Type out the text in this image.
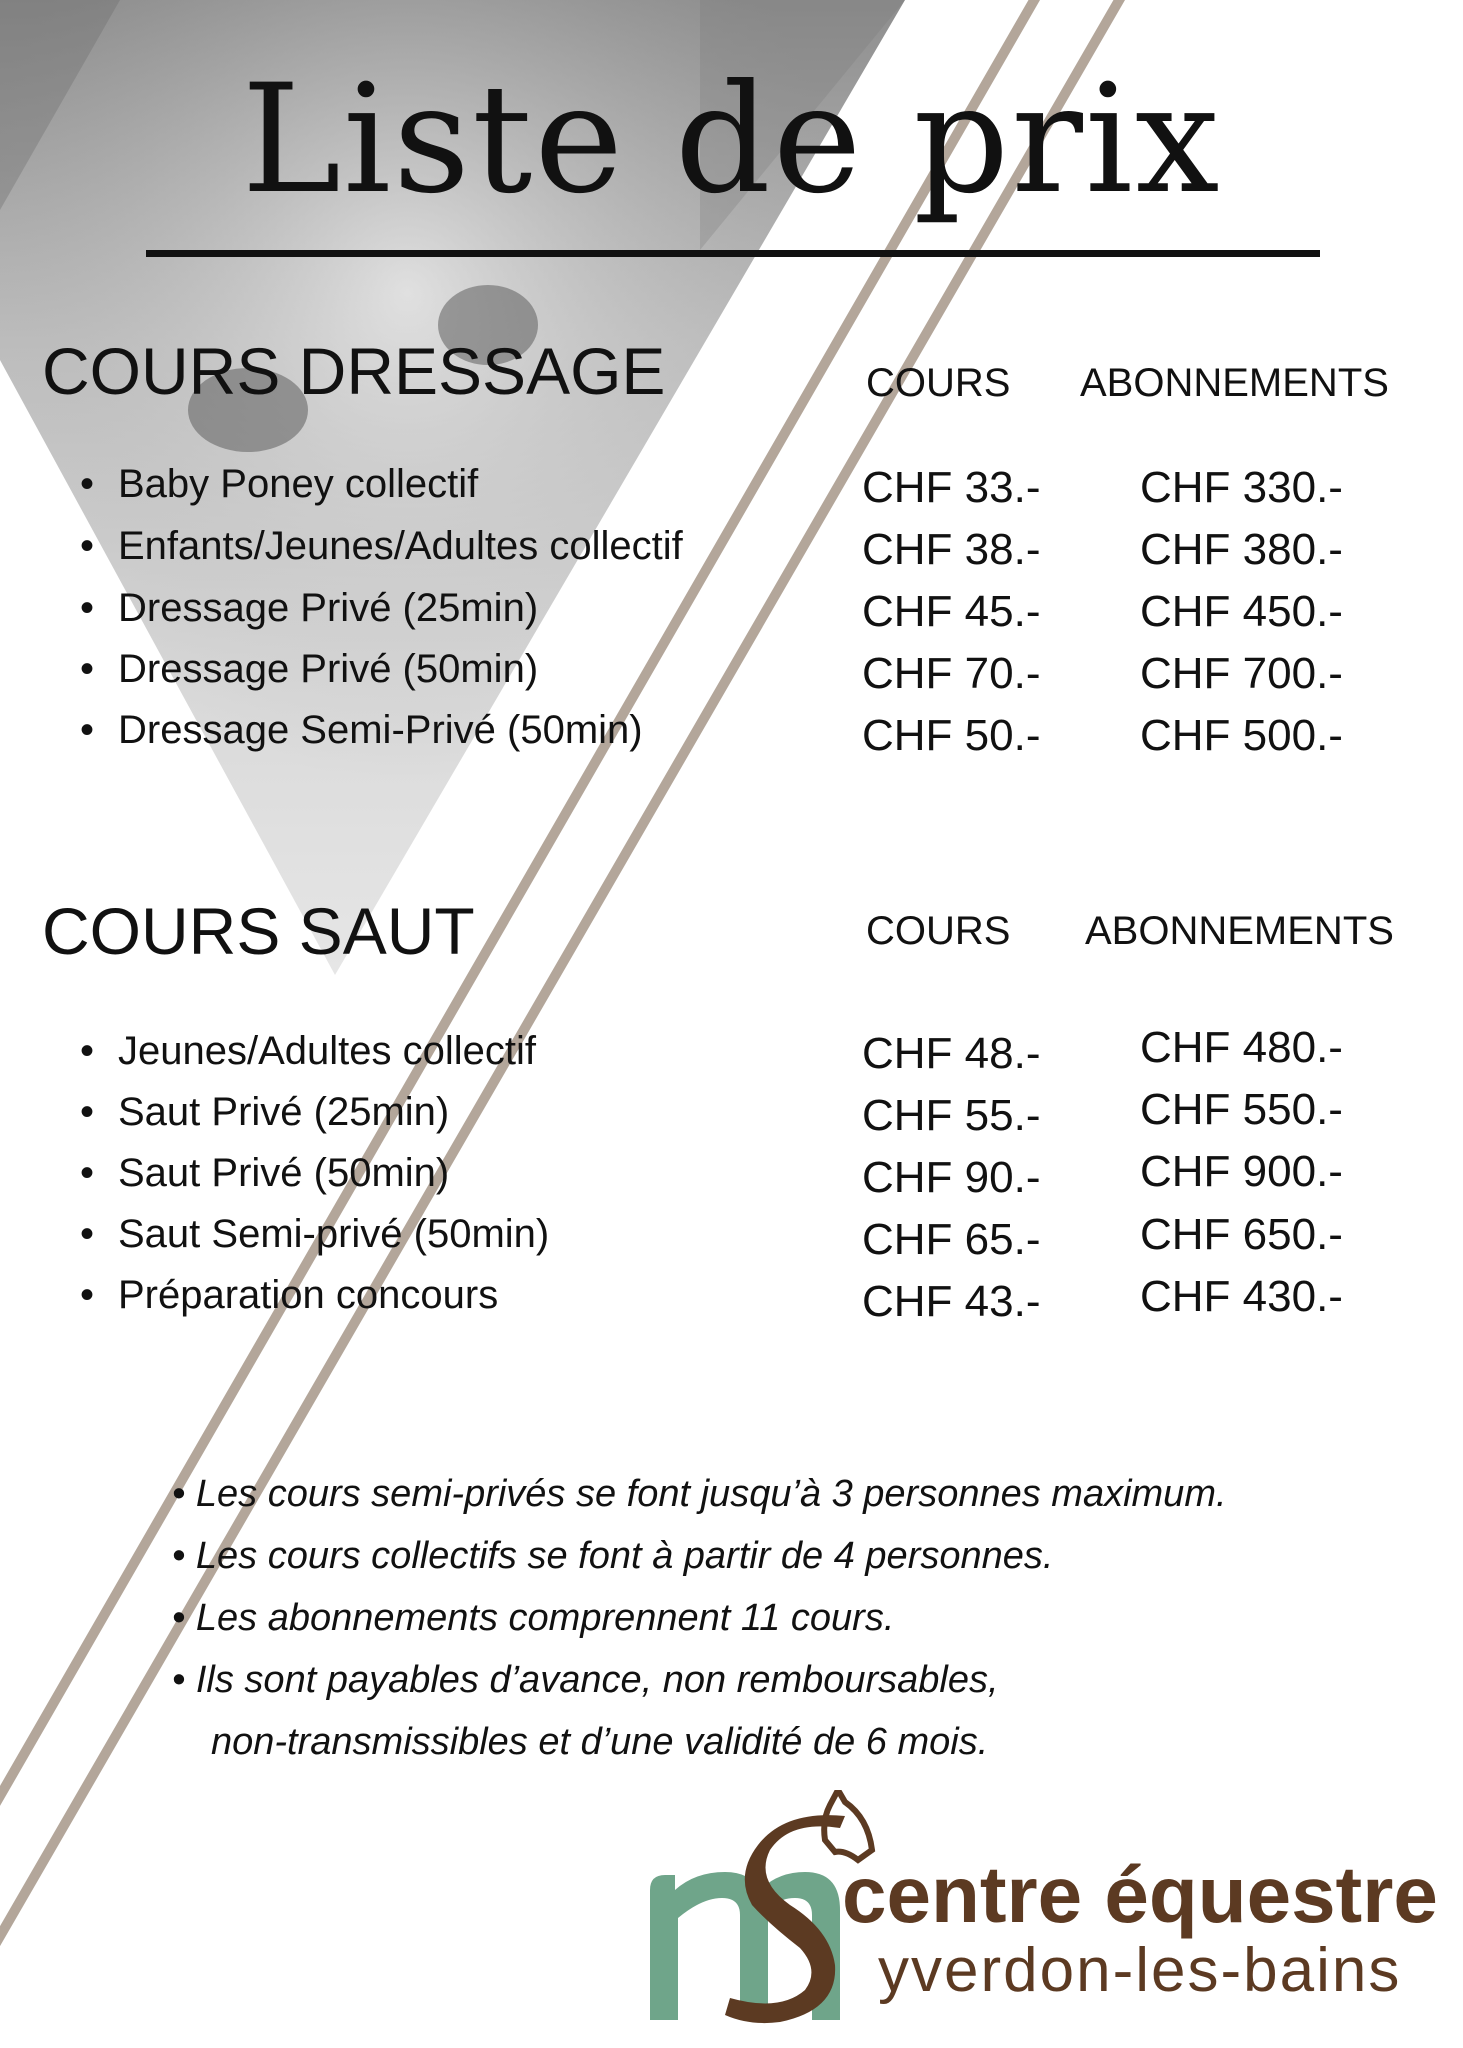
Liste de prix
COURS DRESSAGE	COURS ABONNEMENTS
• Baby Poney collectif
• Enfants/Jeunes/Adultes collectif
• Dressage Privé (25min)
• Dressage Privé (50min)
• Dressage Semi-Privé (50min)
CHF 33.-
CHF 38.-
CHF 45.-
CHF 70.-
CHF 50.-
CHF 330.-
CHF 380.-
CHF 450.-
CHF 700.-
CHF 500.-
COURS SAUT	COURS ABONNEMENTS
• Jeunes/Adultes collectif
• Saut Privé (25min)
• Saut Privé (50min)
• Saut Semi-privé (50min)
• Préparation concours
CHF 48.-
CHF 55.-
CHF 90.-
CHF 65.-
CHF 43.-
CHF 480.-
CHF 550.-
CHF 900.-
CHF 650.-
CHF 430.-
• Les cours semi-privés se font jusqu’à 3 personnes maximum.
• Les cours collectifs se font à partir de 4 personnes.
• Les abonnements comprennent 11 cours.
• Ils sont payables d’avance, non remboursables,
non-transmissibles et d’une validité de 6 mois.
centre équestre
yverdon-les-bains
